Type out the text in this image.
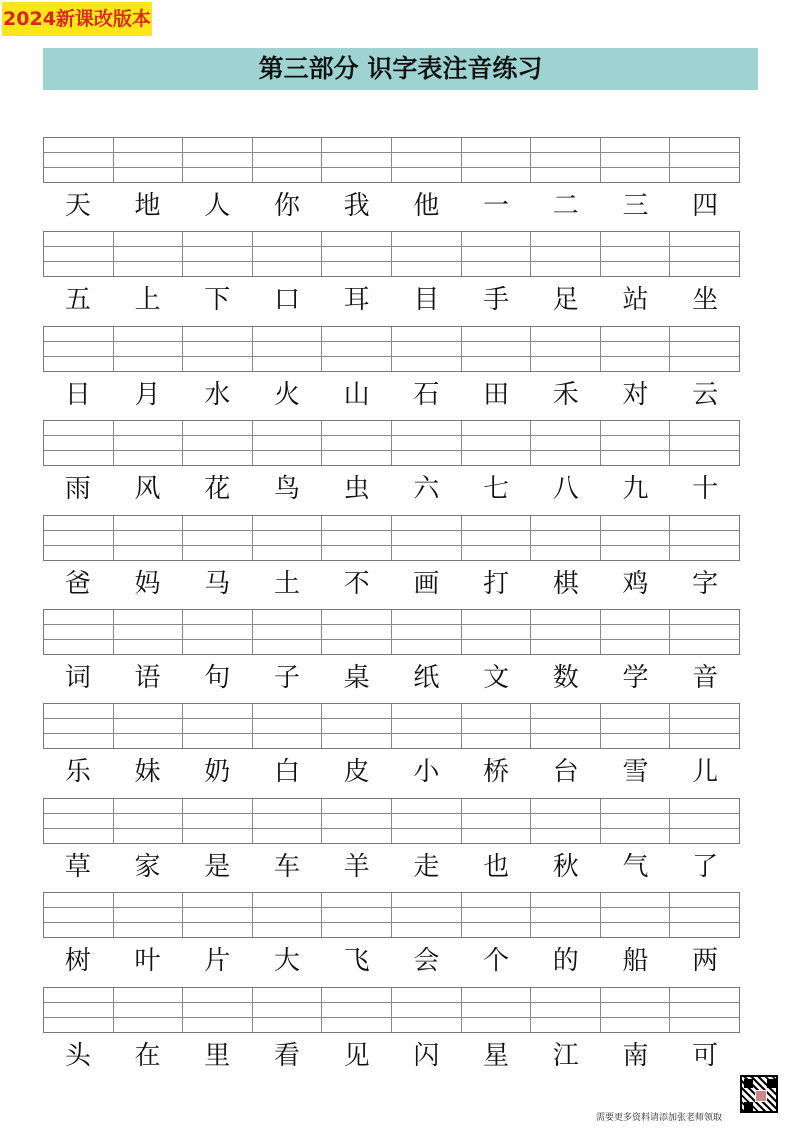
2024新课改版本
第三部分 识字表注音练习
天	地	人	你	我	他	一	二	三	四
五	上	下	口	耳	目	手	足	站	坐
日	月	水	火	山	石	田	禾	对	云
雨	风	花	鸟	虫	六	七	八	九	十
爸	妈	马	土	不	画	打	棋	鸡	字
词	语	句	子	桌	纸	文	数	学	音
乐	妹	奶	白	皮	小	桥	台	雪	儿
草	家	是	车	羊	走	也	秋	气	了
树	叶	片	大	飞	会	个	的	船	两
头	在	里	看	见	闪	星	江	南	可
需要更多资料请添加张老师领取
